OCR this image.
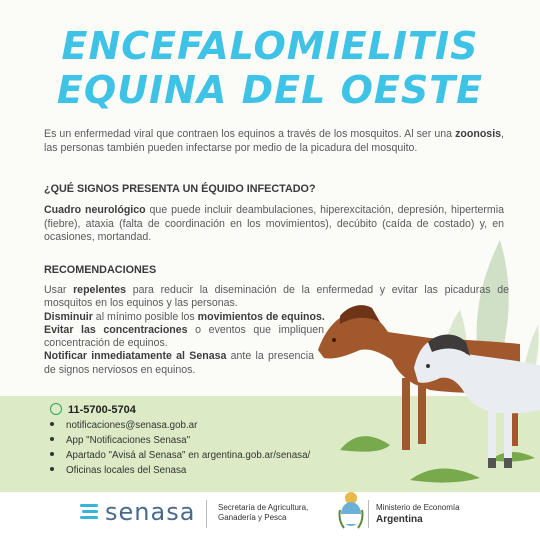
ENCEFALOMIELITIS
EQUINA DEL OESTE
Es un enfermedad viral que contraen los equinos a través de los mosquitos. Al ser una zoonosis, las personas también pueden infectarse por medio de la picadura del mosquito.
¿QUÉ SIGNOS PRESENTA UN ÉQUIDO INFECTADO?
Cuadro neurológico que puede incluir deambulaciones, hiperexcitación, depresión, hipertermia (fiebre), ataxia (falta de coordinación en los movimientos), decúbito (caída de costado) y, en ocasiones, mortandad.
RECOMENDACIONES
Usar repelentes para reducir la diseminación de la enfermedad y evitar las picaduras de mosquitos en los equinos y las personas.
Disminuir al mínimo posible los movimientos de equinos.
Evitar las concentraciones o eventos que impliquen concentración de equinos.
Notificar inmediatamente al Senasa ante la presencia de signos nerviosos en equinos.
11-5700-5704
notificaciones@senasa.gob.ar
App "Notificaciones Senasa"
Apartado "Avisá al Senasa" en argentina.gob.ar/senasa/
Oficinas locales del Senasa
senasa	Secretaría de Agricultura,
Ganadería y Pesca
Ministerio de Economía
Argentina
